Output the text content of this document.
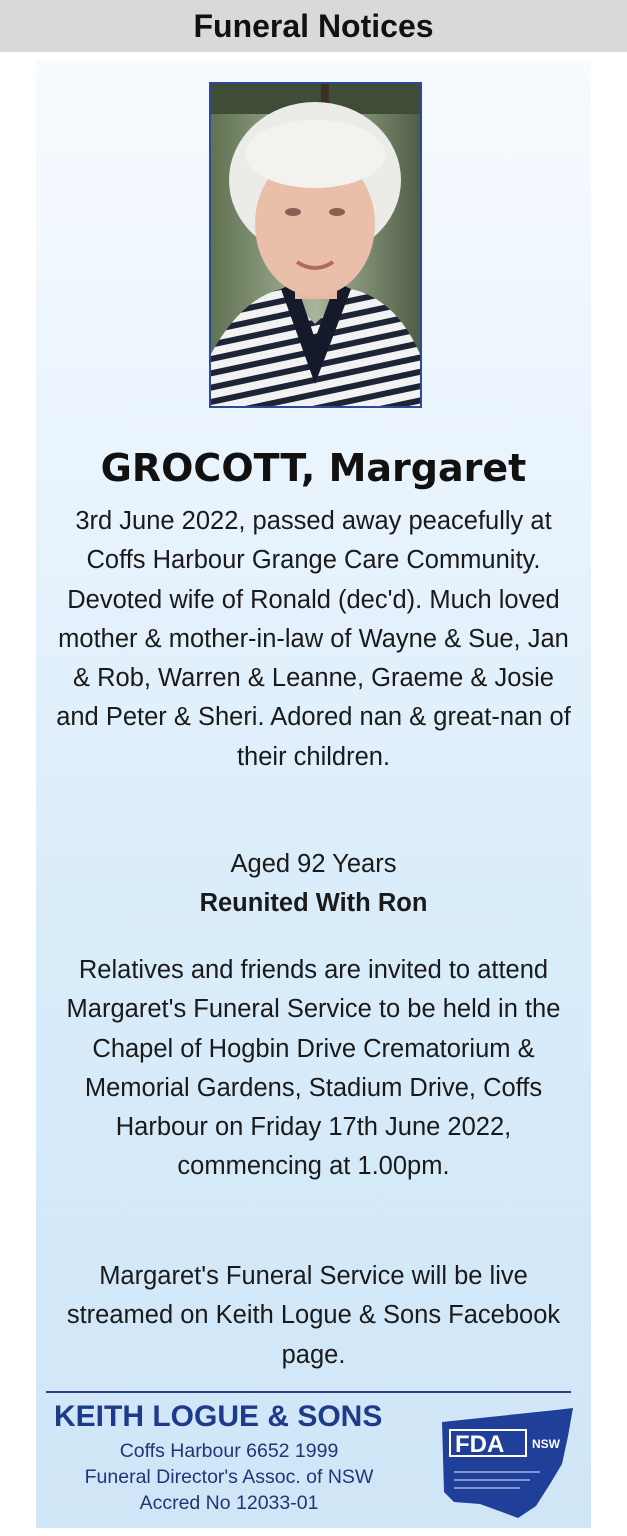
Funeral Notices
GROCOTT, Margaret
3rd June 2022, passed away peacefully at Coffs Harbour Grange Care Community. Devoted wife of Ronald (dec'd). Much loved mother & mother-in-law of Wayne & Sue, Jan & Rob, Warren & Leanne, Graeme & Josie and Peter & Sheri. Adored nan & great-nan of their children.
Aged 92 Years
Reunited With Ron
Relatives and friends are invited to attend Margaret's Funeral Service to be held in the Chapel of Hogbin Drive Crematorium & Memorial Gardens, Stadium Drive, Coffs Harbour on Friday 17th June 2022, commencing at 1.00pm.
Margaret's Funeral Service will be live streamed on Keith Logue & Sons Facebook page.
KEITH LOGUE & SONS
Coffs Harbour 6652 1999
Funeral Director's Assoc. of NSW
Accred No 12033-01
FDA NSW
